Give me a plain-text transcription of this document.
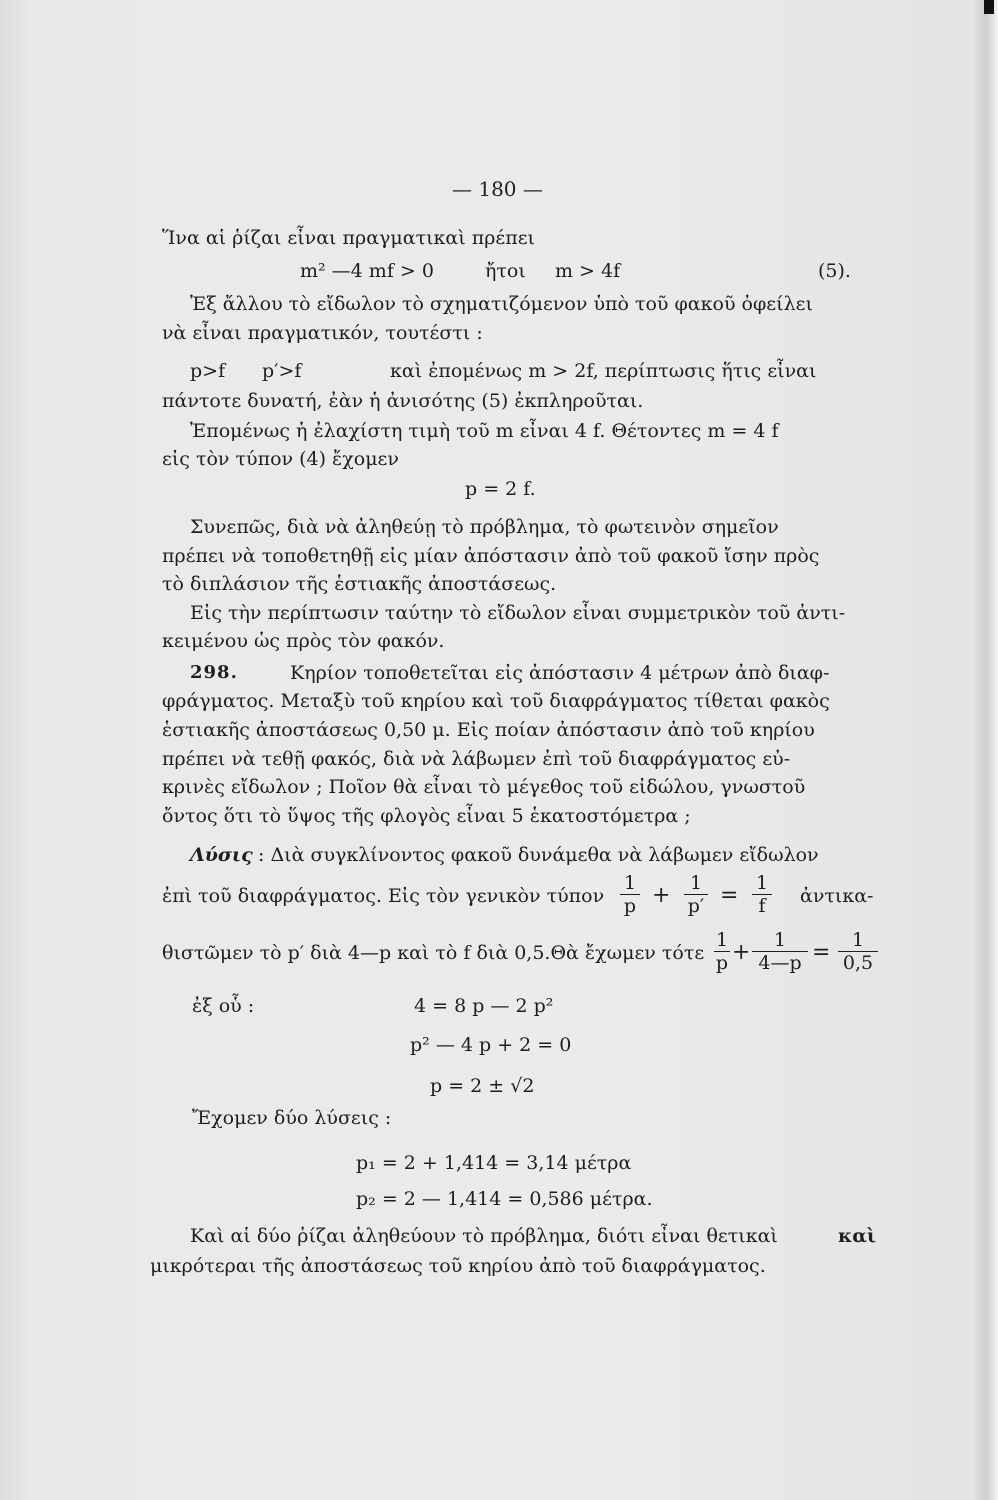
— 180 —
Ἵνα αἱ ῥίζαι εἶναι πραγματικαὶ πρέπει
m² —4 mf > 0	ἤτοι m > 4f	(5).
Ἐξ ἄλλου τὸ εἴδωλον τὸ σχηματιζόμενον ὑπὸ τοῦ φακοῦ ὀφείλει
νὰ εἶναι πραγματικόν, τουτέστι :
p>f p′>f	καὶ ἐπομένως m > 2f, περίπτωσις ἥτις εἶναι
πάντοτε δυνατή, ἐὰν ἡ ἀνισότης (5) ἐκπληροῦται.
Ἐπομένως ἡ ἐλαχίστη τιμὴ τοῦ m εἶναι 4 f. Θέτοντες m = 4 f
εἰς τὸν τύπον (4) ἔχομεν
p = 2 f.
Συνεπῶς, διὰ νὰ ἀληθεύῃ τὸ πρόβλημα, τὸ φωτεινὸν σημεῖον
πρέπει νὰ τοποθετηθῇ εἰς μίαν ἀπόστασιν ἀπὸ τοῦ φακοῦ ἴσην πρὸς
τὸ διπλάσιον τῆς ἑστιακῆς ἀποστάσεως.
Εἰς τὴν περίπτωσιν ταύτην τὸ εἴδωλον εἶναι συμμετρικὸν τοῦ ἀντι-
κειμένου ὡς πρὸς τὸν φακόν.
298.	Κηρίον τοποθετεῖται εἰς ἀπόστασιν 4 μέτρων ἀπὸ διαφ-
φράγματος. Μεταξὺ τοῦ κηρίου καὶ τοῦ διαφράγματος τίθεται φακὸς
ἑστιακῆς ἀποστάσεως 0,50 μ. Εἰς ποίαν ἀπόστασιν ἀπὸ τοῦ κηρίου
πρέπει νὰ τεθῇ φακός, διὰ νὰ λάβωμεν ἐπὶ τοῦ διαφράγματος εὐ-
κρινὲς εἴδωλον ; Ποῖον θὰ εἶναι τὸ μέγεθος τοῦ εἰδώλου, γνωστοῦ
ὄντος ὅτι τὸ ὕψος τῆς φλογὸς εἶναι 5 ἑκατοστόμετρα ;
Λύσις : Διὰ συγκλίνοντος φακοῦ δυνάμεθα νὰ λάβωμεν εἴδωλον
ἐπὶ τοῦ διαφράγματος. Εἰς τὸν γενικὸν τύπον $\frac{1}{p} + \frac{1}{p'} = \frac{1}{f}$ ἀντικα-
θιστῶμεν τὸ p′ διὰ 4—p καὶ τὸ f διὰ 0,5.Θὰ ἔχωμεν τότε $\frac{1}{p} + \frac{1}{4—p} = \frac{1}{0,5}$
ἐξ οὗ :	4 = 8 p — 2 p²
p² — 4 p + 2 = 0
p = 2 ± √2
Ἔχομεν δύο λύσεις :
p₁ = 2 + 1,414 = 3,14 μέτρα
p₂ = 2 — 1,414 = 0,586 μέτρα.
Καὶ αἱ δύο ῥίζαι ἀληθεύουν τὸ πρόβλημα, διότι εἶναι θετικαὶ	καὶ
μικρότεραι τῆς ἀποστάσεως τοῦ κηρίου ἀπὸ τοῦ διαφράγματος.
